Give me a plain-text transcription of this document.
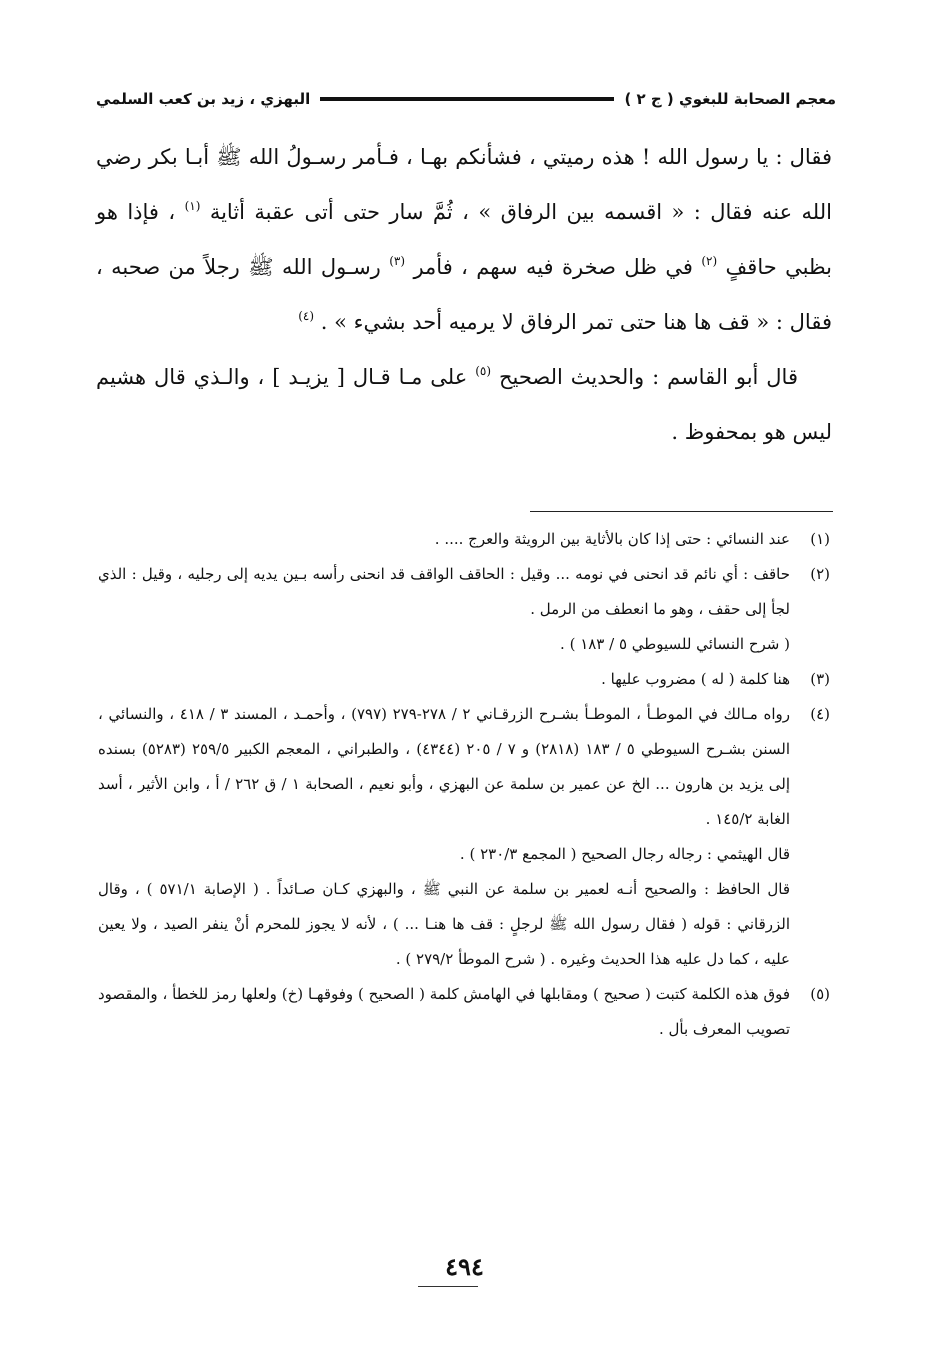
معجم الصحابة للبغوي ( ج ٢ )
البهزي ، زيد بن كعب السلمي

فقال : يا رسول الله ! هذه رميتي ، فشأنكم بهـا ، فـأمر رسـولُ الله ﷺ أبـا بكر رضي الله عنه فقال : « اقسمه بين الرفاق » ، ثُمَّ سار حتى أتى عقبة أثاية $^{(١)}$ ، فإذا هو بظبي حاقفٍ $^{(٢)}$ في ظل صخرة فيه سهم ، فأمر $^{(٣)}$ رسـول الله ﷺ رجلاً من صحبه ، فقال : « قف ها هنا حتى تمر الرفاق لا يرميه أحد بشيء » . $^{(٤)}$

قال أبو القاسم : والحديث الصحيح $^{(٥)}$ على مـا قـال [ يزيـد ] ، والـذي قال هشيم ليس هو بمحفوظ .

(١)

عند النسائي : حتى إذا كان بالأثاية بين الرويثة والعرج .... .

(٢)

حاقف : أي نائم قد انحنى في نومه ... وقيل : الحاقف الواقف قد انحنى رأسه بـين يديه إلى رجليه ، وقيل : الذي لجأ إلى حقف ، وهو ما انعطف من الرمل .

( شرح النسائي للسيوطي ٥ / ١٨٣ ) .

(٣)

هنا كلمة ( له ) مضروب عليها .

(٤)

رواه مـالك في الموطـأ ، الموطـأ بشـرح الزرقـاني ٢ / ٢٧٨-٢٧٩ (٧٩٧) ، وأحمـد ، المسند ٣ / ٤١٨ ، والنسائي ، السنن بشـرح السيوطي ٥ / ١٨٣ (٢٨١٨) و ٧ / ٢٠٥ (٤٣٤٤) ، والطبراني ، المعجم الكبير ٢٥٩/٥ (٥٢٨٣) بسنده إلى يزيد بن هارون ... الخ عن عمير بن سلمة عن البهزي ، وأبو نعيم ، الصحابة ١ / ق ٢٦٢ / أ ، وابن الأثير ، أسد الغابة ١٤٥/٢ .

قال الهيثمي : رجاله رجال الصحيح ( المجمع ٢٣٠/٣ ) .

قال الحافظ : والصحيح أنـه لعمير بن سلمة عن النبي ﷺ ، والبهزي كـان صـائداً . ( الإصابة ٥٧١/١ ) ، وقال الزرقاني : قوله ( فقال رسول الله ﷺ لرجلٍ : قف ها هنـا ... ) ، لأنه لا يجوز للمحرم أنْ ينفر الصيد ، ولا يعين عليه ، كما دل عليه هذا الحديث وغيره . ( شرح الموطأ ٢٧٩/٢ ) .

(٥)

فوق هذه الكلمة كتبت ( صحيح ) ومقابلها في الهامش كلمة ( الصحيح ) وفوقهـا (خ) ولعلها رمز للخطأ ، والمقصود تصويب المعرف بأل .

٤٩٤
